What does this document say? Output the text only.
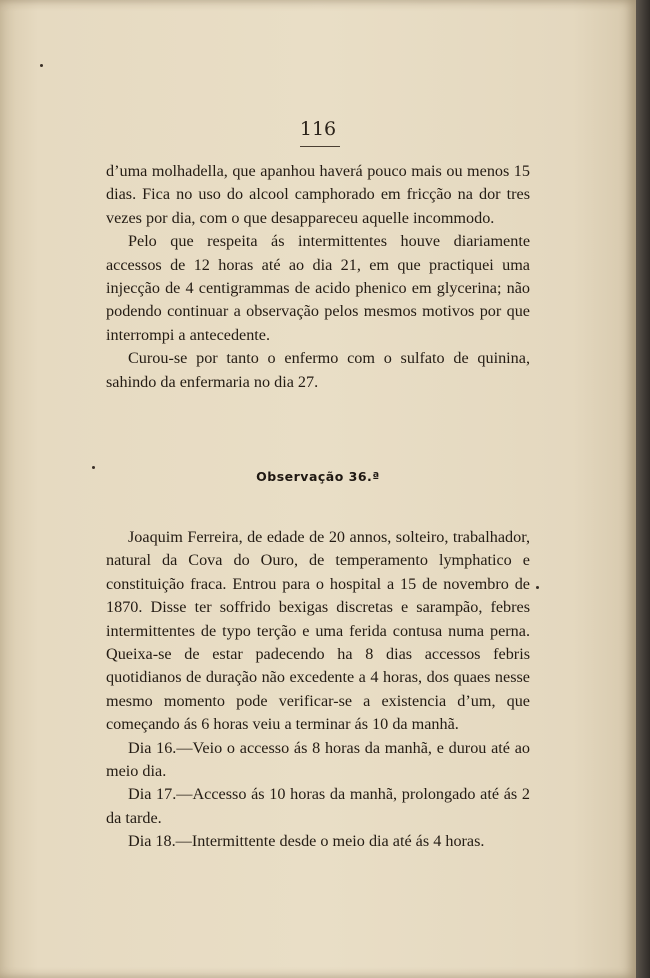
116

d’uma molhadella, que apanhou haverá pouco mais ou menos 15 dias. Fica no uso do alcool camphorado em fricção na dor tres vezes por dia, com o que desappareceu aquelle incommodo.

Pelo que respeita ás intermittentes houve diariamente accessos de 12 horas até ao dia 21, em que practiquei uma injecção de 4 centigrammas de acido phenico em glycerina; não podendo continuar a observação pelos mesmos motivos por que interrompi a antecedente.

Curou-se por tanto o enfermo com o sulfato de quinina, sahindo da enfermaria no dia 27.

Observação 36.ª

Joaquim Ferreira, de edade de 20 annos, solteiro, trabalhador, natural da Cova do Ouro, de temperamento lymphatico e constituição fraca. Entrou para o hospital a 15 de novembro de 1870. Disse ter soffrido bexigas discretas e sarampão, febres intermittentes de typo terção e uma ferida contusa numa perna. Queixa-se de estar padecendo ha 8 dias accessos febris quotidianos de duração não excedente a 4 horas, dos quaes nesse mesmo momento pode verificar-se a existencia d’um, que começando ás 6 horas veiu a terminar ás 10 da manhã.

Dia 16.—Veio o accesso ás 8 horas da manhã, e durou até ao meio dia.

Dia 17.—Accesso ás 10 horas da manhã, prolongado até ás 2 da tarde.

Dia 18.—Intermittente desde o meio dia até ás 4 horas.
